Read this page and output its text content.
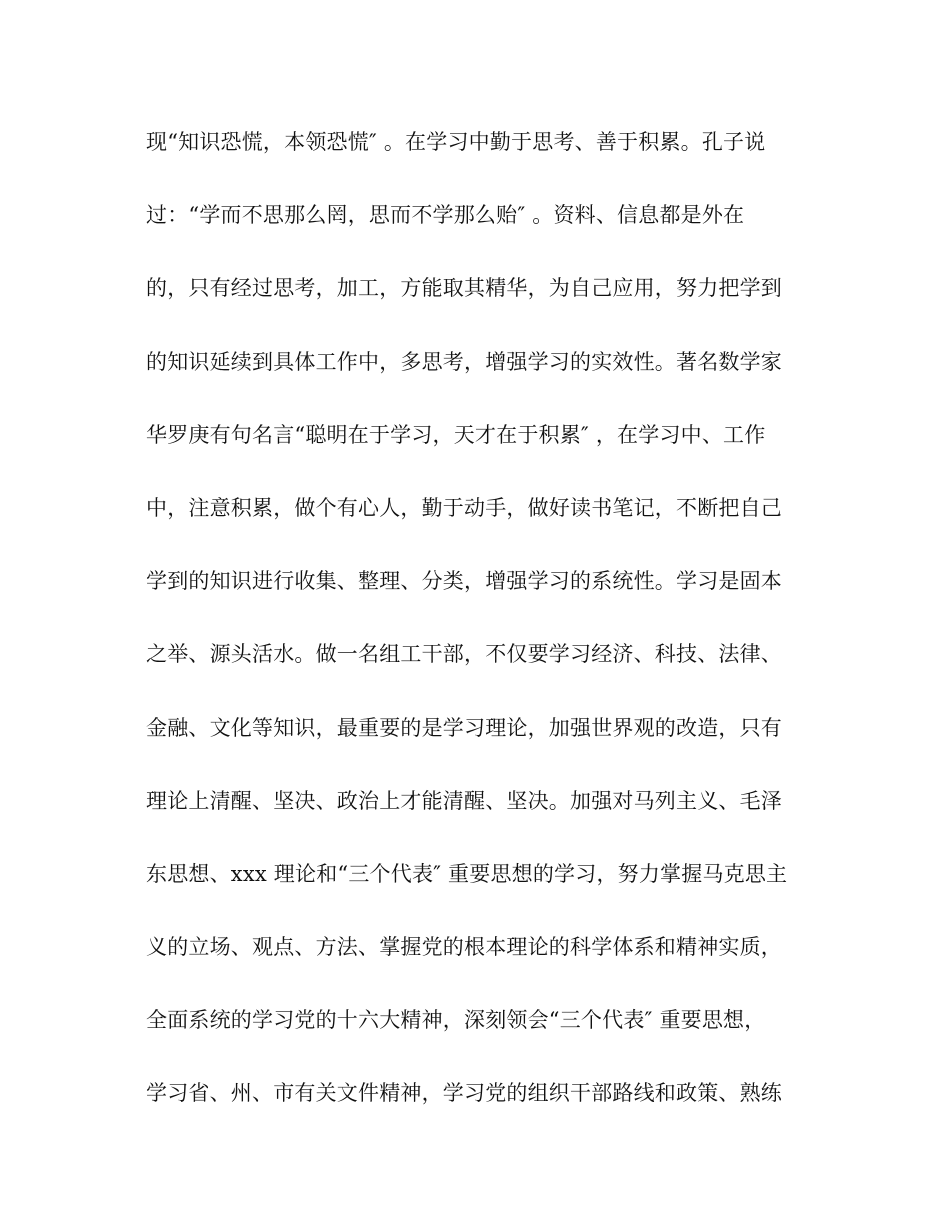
现“知识恐慌，本领恐慌″ 。在学习中勤于思考、善于积累。孔子说
过：“学而不思那么罔，思而不学那么贻″ 。资料、信息都是外在
的，只有经过思考，加工，方能取其精华，为自己应用，努力把学到
的知识延续到具体工作中，多思考，增强学习的实效性。著名数学家
华罗庚有句名言“聪明在于学习，天才在于积累″ ，在学习中、工作
中，注意积累，做个有心人，勤于动手，做好读书笔记，不断把自己
学到的知识进行收集、整理、分类，增强学习的系统性。学习是固本
之举、源头活水。做一名组工干部，不仅要学习经济、科技、法律、
金融、文化等知识，最重要的是学习理论，加强世界观的改造，只有
理论上清醒、坚决、政治上才能清醒、坚决。加强对马列主义、毛泽
东思想、xxx 理论和“三个代表″ 重要思想的学习，努力掌握马克思主
义的立场、观点、方法、掌握党的根本理论的科学体系和精神实质，
全面系统的学习党的十六大精神，深刻领会“三个代表″ 重要思想，
学习省、州、市有关文件精神，学习党的组织干部路线和政策、熟练
